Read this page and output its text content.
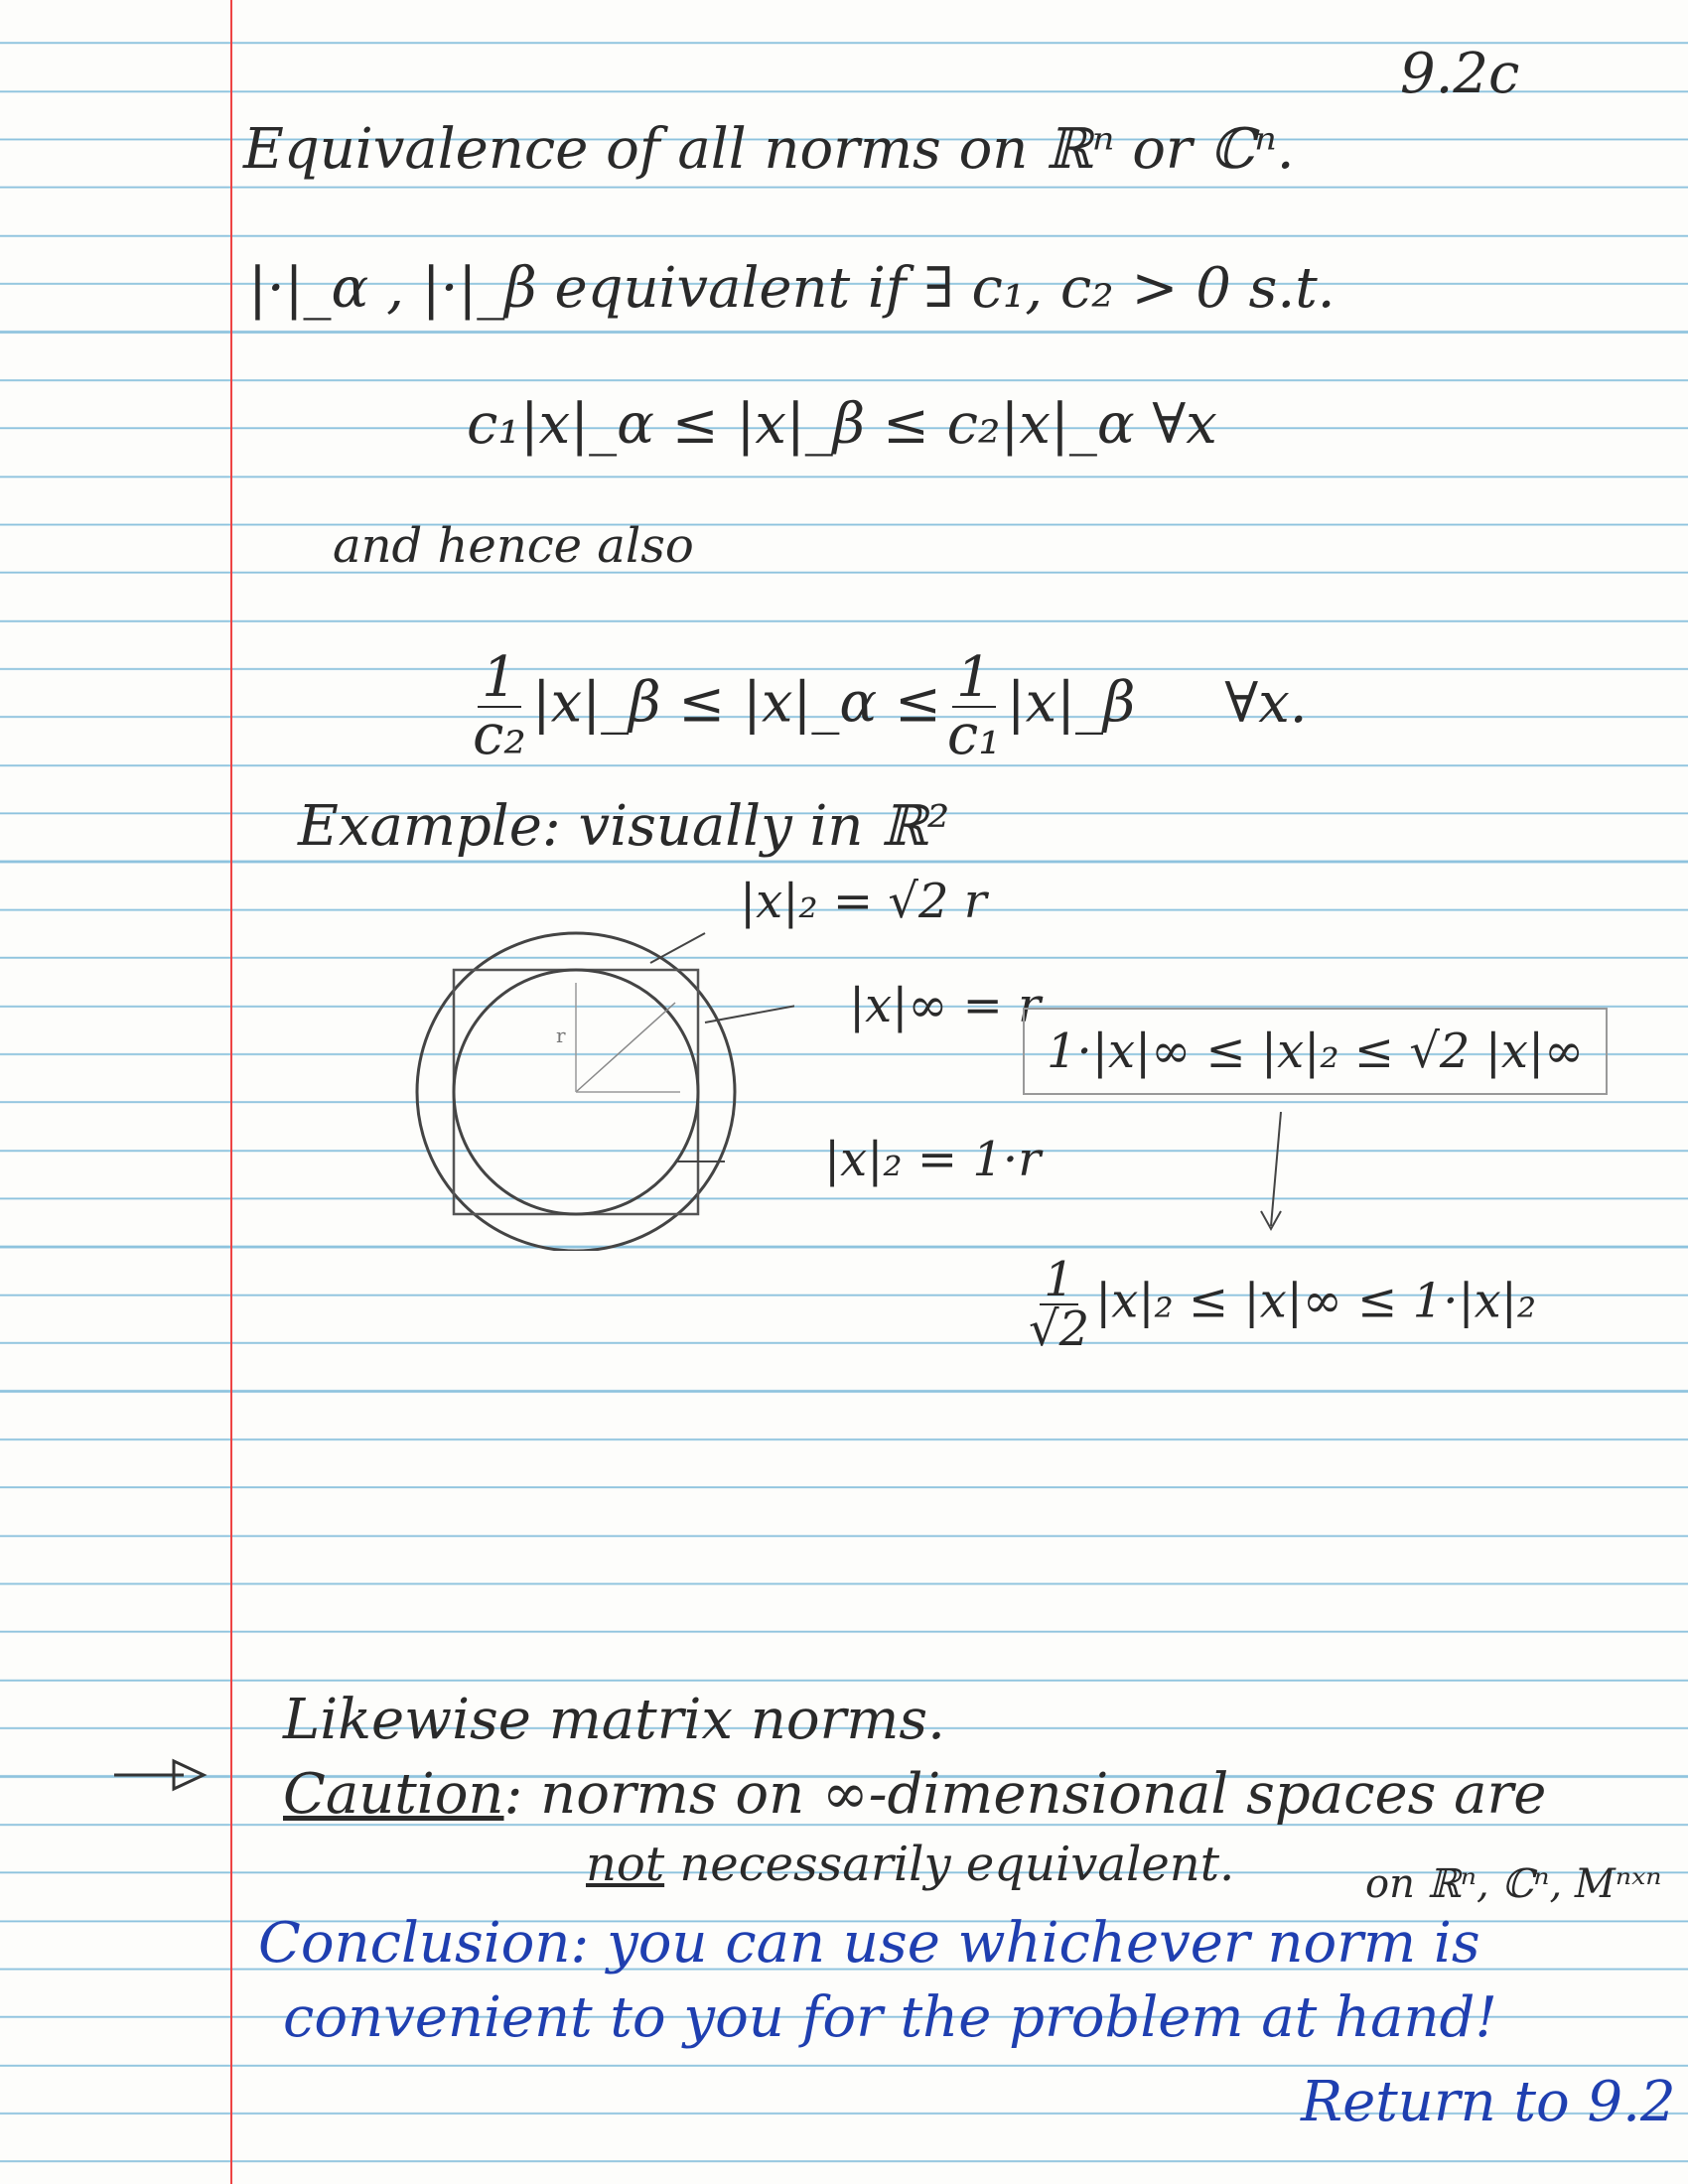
9.2c
Equivalence of all norms on ℝⁿ or ℂⁿ.
|·|_α , |·|_β equivalent if ∃ c₁, c₂ > 0 s.t.
c₁|x|_α ≤ |x|_β ≤ c₂|x|_α ∀x
and hence also
$\frac{1}{\text{c₂}}$ |x|_β ≤ |x|_α ≤ $\frac{1}{\text{c₁}}$ |x|_β ∀x.
Example: visually in ℝ²
|x|₂ = √2 r
r
|x|∞ = r
1·|x|∞ ≤ |x|₂ ≤ √2 |x|∞
|x|₂ = 1·r
$\frac{1}{√2} |x|_2 \le |x|\infty \le 1\cdot|x|_2$
Likewise matrix norms.
Caution: norms on ∞-dimensional spaces are
not necessarily equivalent.	on ℝⁿ, ℂⁿ, Mⁿˣⁿ
Conclusion: you can use whichever norm is
convenient to you for the problem at hand!
Return to 9.2
